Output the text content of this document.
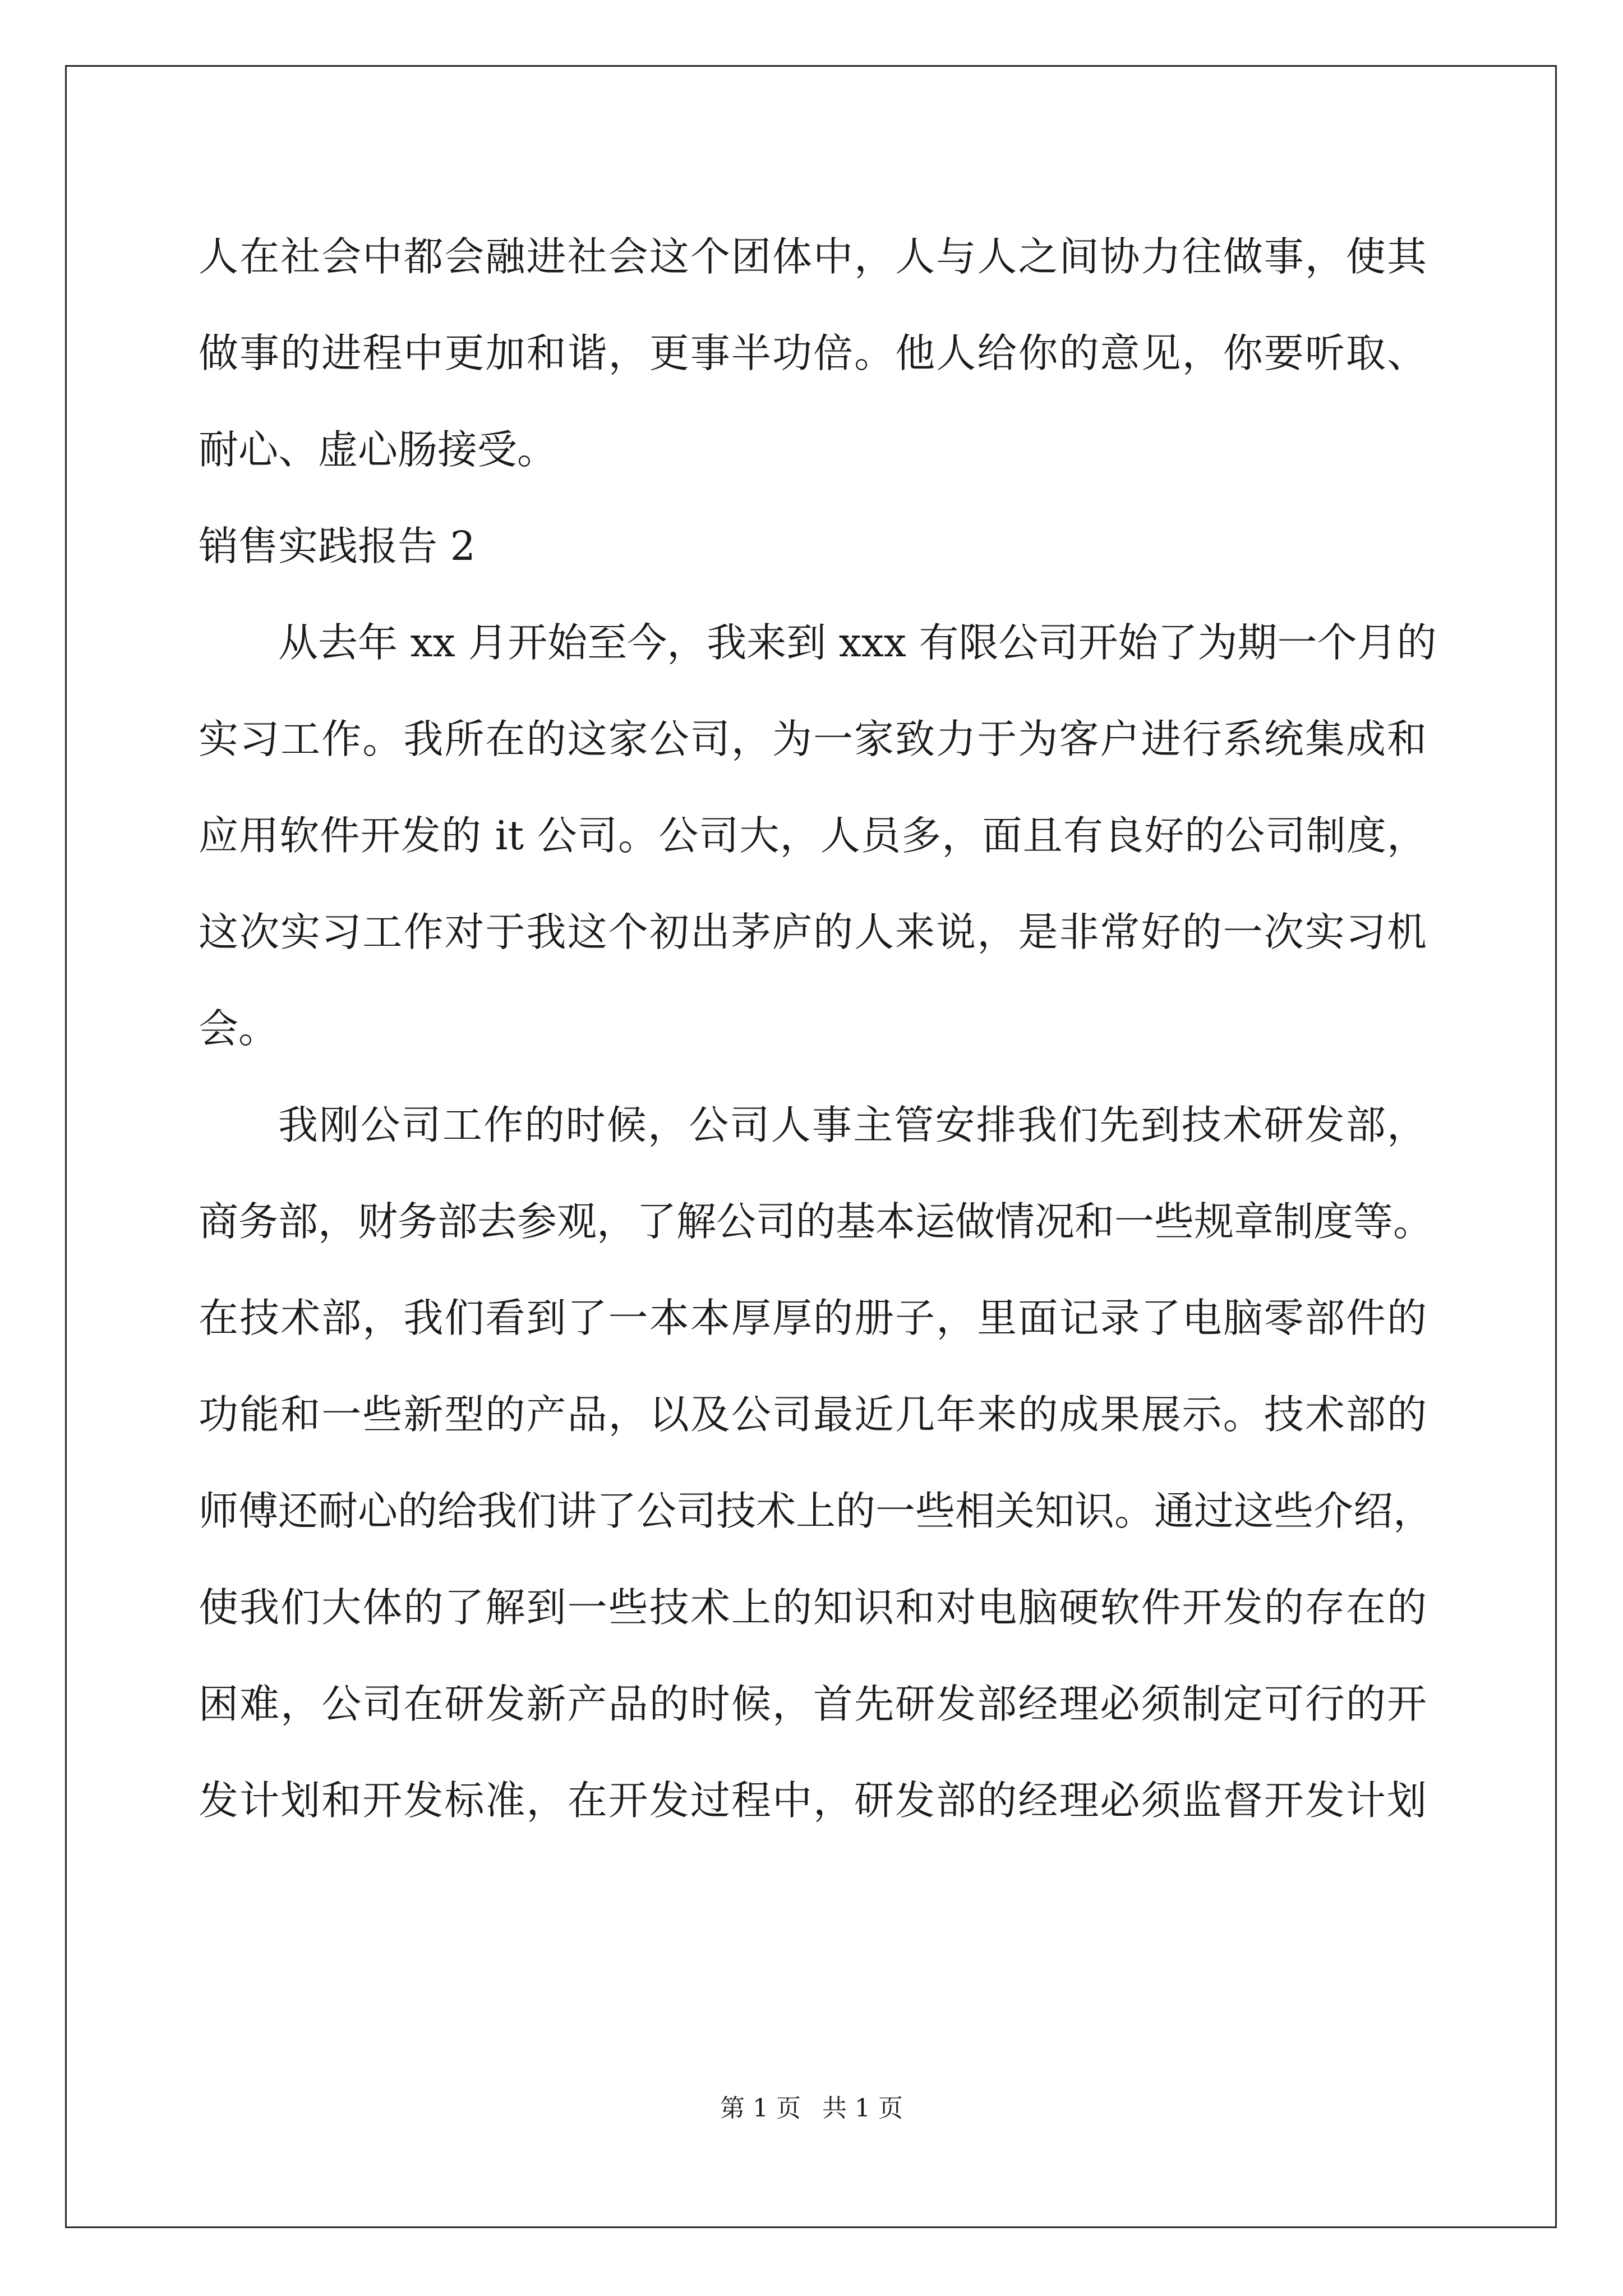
人在社会中都会融进社会这个团体中，人与人之间协力往做事，使其
做事的进程中更加和谐，更事半功倍。他人给你的意见，你要听取、
耐心、虚心肠接受。
销售实践报告 2
从去年 xx 月开始至今，我来到 xxx 有限公司开始了为期一个月的
实习工作。我所在的这家公司，为一家致力于为客户进行系统集成和
应用软件开发的 it 公司。公司大，人员多，面且有良好的公司制度，
这次实习工作对于我这个初出茅庐的人来说，是非常好的一次实习机
会。
我刚公司工作的时候，公司人事主管安排我们先到技术研发部，
商务部，财务部去参观，了解公司的基本运做情况和一些规章制度等。
在技术部，我们看到了一本本厚厚的册子，里面记录了电脑零部件的
功能和一些新型的产品，以及公司最近几年来的成果展示。技术部的
师傅还耐心的给我们讲了公司技术上的一些相关知识。通过这些介绍，
使我们大体的了解到一些技术上的知识和对电脑硬软件开发的存在的
困难，公司在研发新产品的时候，首先研发部经理必须制定可行的开
发计划和开发标准，在开发过程中，研发部的经理必须监督开发计划
第 1 页 共 1 页
